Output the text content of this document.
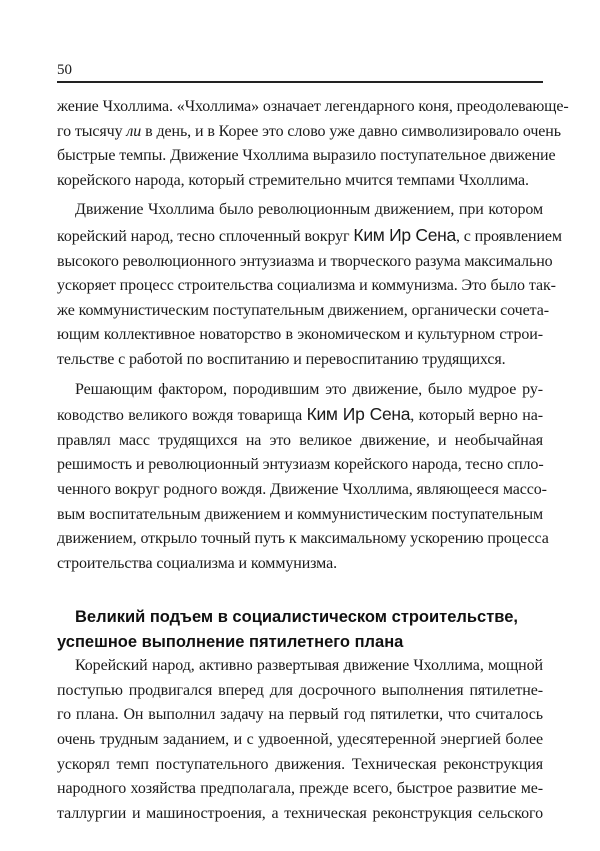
50

жение Чхоллима. «Чхоллима» означает легендарного коня, преодолевающе-
го тысячу ли в день, и в Корее это слово уже давно символизировало очень
быстрые темпы. Движение Чхоллима выразило поступательное движение
корейского народа, который стремительно мчится темпами Чхоллима.

Движение Чхоллима было революционным движением, при котором
корейский народ, тесно сплоченный вокруг Ким Ир Сена, с проявлением
высокого революционного энтузиазма и творческого разума максимально
ускоряет процесс строительства социализма и коммунизма. Это было так-
же коммунистическим поступательным движением, органически сочета-
ющим коллективное новаторство в экономическом и культурном строи-
тельстве с работой по воспитанию и перевоспитанию трудящихся.

Решающим фактором, породившим это движение, было мудрое ру-
ководство великого вождя товарища Ким Ир Сена, который верно на-
правлял масс трудящихся на это великое движение, и необычайная
решимость и революционный энтузиазм корейского народа, тесно спло-
ченного вокруг родного вождя. Движение Чхоллима, являющееся массо-
вым воспитательным движением и коммунистическим поступательным
движением, открыло точный путь к максимальному ускорению процесса
строительства социализма и коммунизма.

Великий подъем в социалистическом строительстве,
успешное выполнение пятилетнего плана

Корейский народ, активно развертывая движение Чхоллима, мощной
поступью продвигался вперед для досрочного выполнения пятилетне-
го плана. Он выполнил задачу на первый год пятилетки, что считалось
очень трудным заданием, и с удвоенной, удесятеренной энергией более
ускорял темп поступательного движения. Техническая реконструкция
народного хозяйства предполагала, прежде всего, быстрое развитие ме-
таллургии и машиностроения, а техническая реконструкция сельского
